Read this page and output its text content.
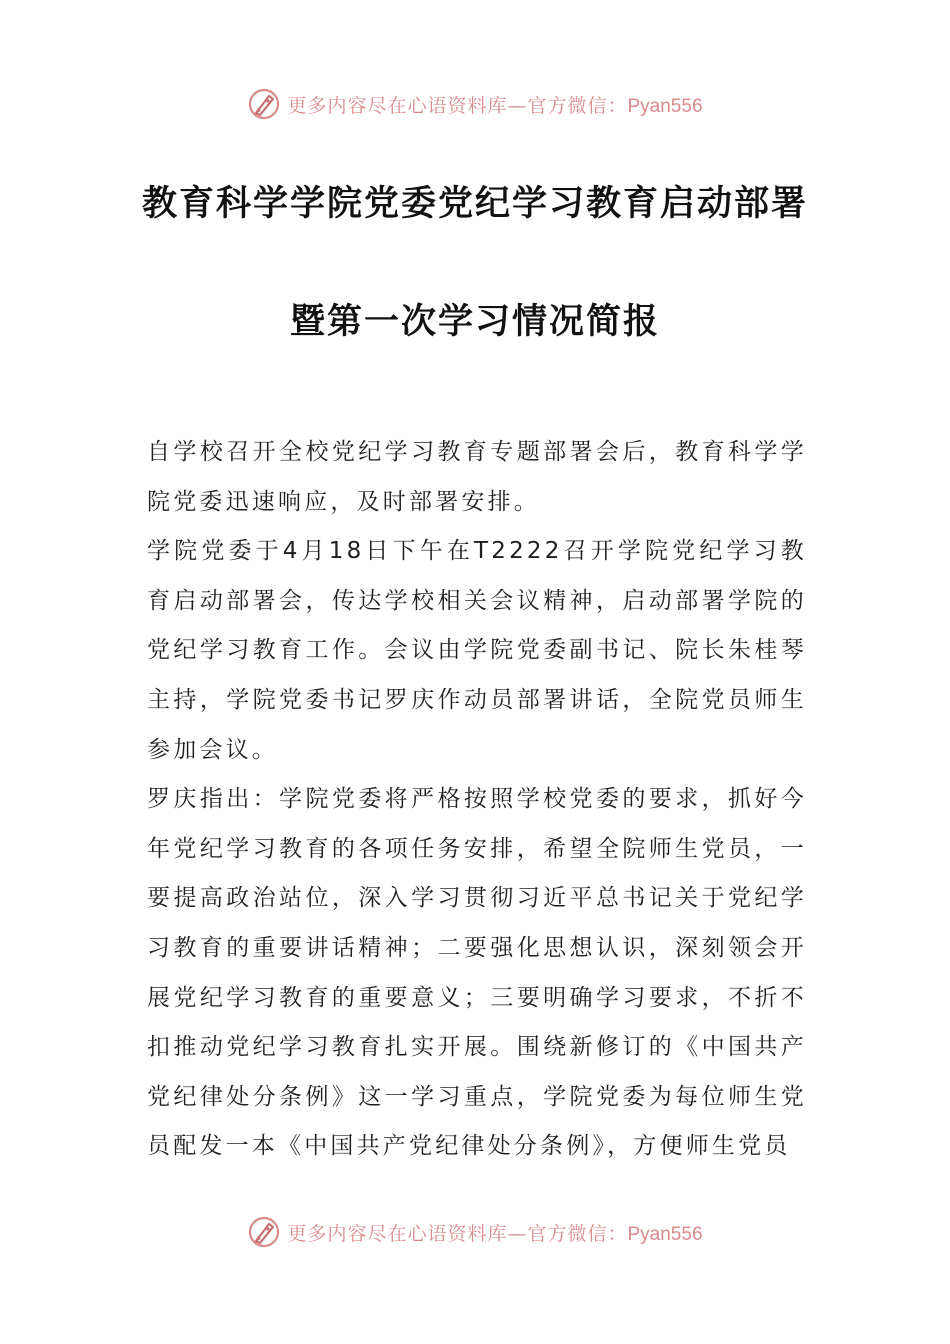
更多内容尽在心语资料库—官方微信：Pyan556
教育科学学院党委党纪学习教育启动部署
暨第一次学习情况简报

自学校召开全校党纪学习教育专题部署会后，教育科学学院党委迅速响应，及时部署安排。

学院党委于4月18日下午在T2222召开学院党纪学习教育启动部署会，传达学校相关会议精神，启动部署学院的党纪学习教育工作。会议由学院党委副书记、院长朱桂琴主持，学院党委书记罗庆作动员部署讲话，全院党员师生参加会议。

罗庆指出：学院党委将严格按照学校党委的要求，抓好今年党纪学习教育的各项任务安排，希望全院师生党员，一要提高政治站位，深入学习贯彻习近平总书记关于党纪学习教育的重要讲话精神；二要强化思想认识，深刻领会开展党纪学习教育的重要意义；三要明确学习要求，不折不扣推动党纪学习教育扎实开展。围绕新修订的《中国共产党纪律处分条例》这一学习重点，学院党委为每位师生党员配发一本《中国共产党纪律处分条例》，方便师生党员

更多内容尽在心语资料库—官方微信：Pyan556
